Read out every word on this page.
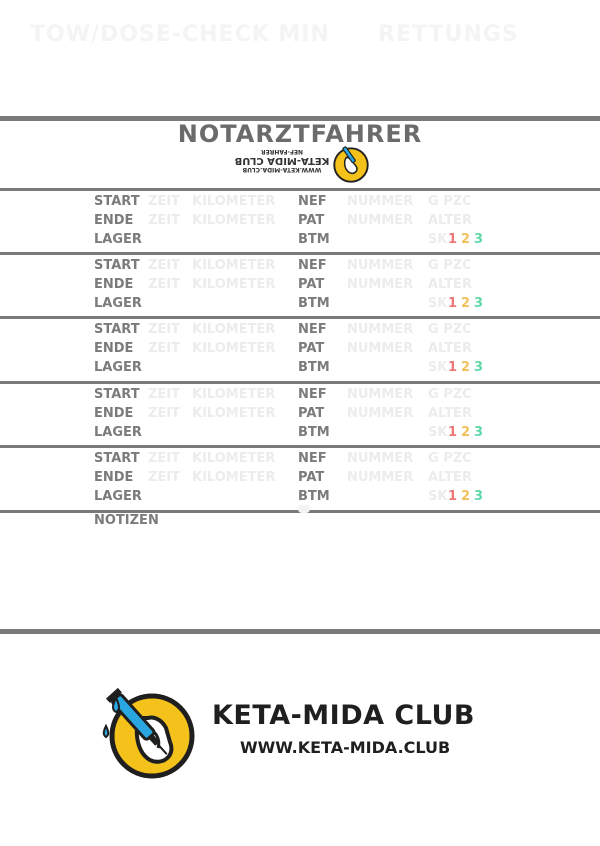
TOW/DOSE-CHECK MIN RETTUNGS
NOTARZTFAHRER
WWW.KETA-MIDA.CLUB
KETA-MIDA CLUB
NEF-FAHRER
START ZEIT KILOMETER NEF NUMMER G PZC
ENDE ZEIT KILOMETER PAT NUMMER ALTER
LAGER	BTM	SK 1 2 3
START ZEIT KILOMETER NEF NUMMER G PZC
ENDE ZEIT KILOMETER PAT NUMMER ALTER
LAGER	BTM	SK 1 2 3
START ZEIT KILOMETER NEF NUMMER G PZC
ENDE ZEIT KILOMETER PAT NUMMER ALTER
LAGER	BTM	SK 1 2 3
START ZEIT KILOMETER NEF NUMMER G PZC
ENDE ZEIT KILOMETER PAT NUMMER ALTER
LAGER	BTM	SK 1 2 3
START ZEIT KILOMETER NEF NUMMER G PZC
ENDE ZEIT KILOMETER PAT NUMMER ALTER
LAGER	BTM	SK 1 2 3
NOTIZEN
KETA-MIDA CLUB
WWW.KETA-MIDA.CLUB
